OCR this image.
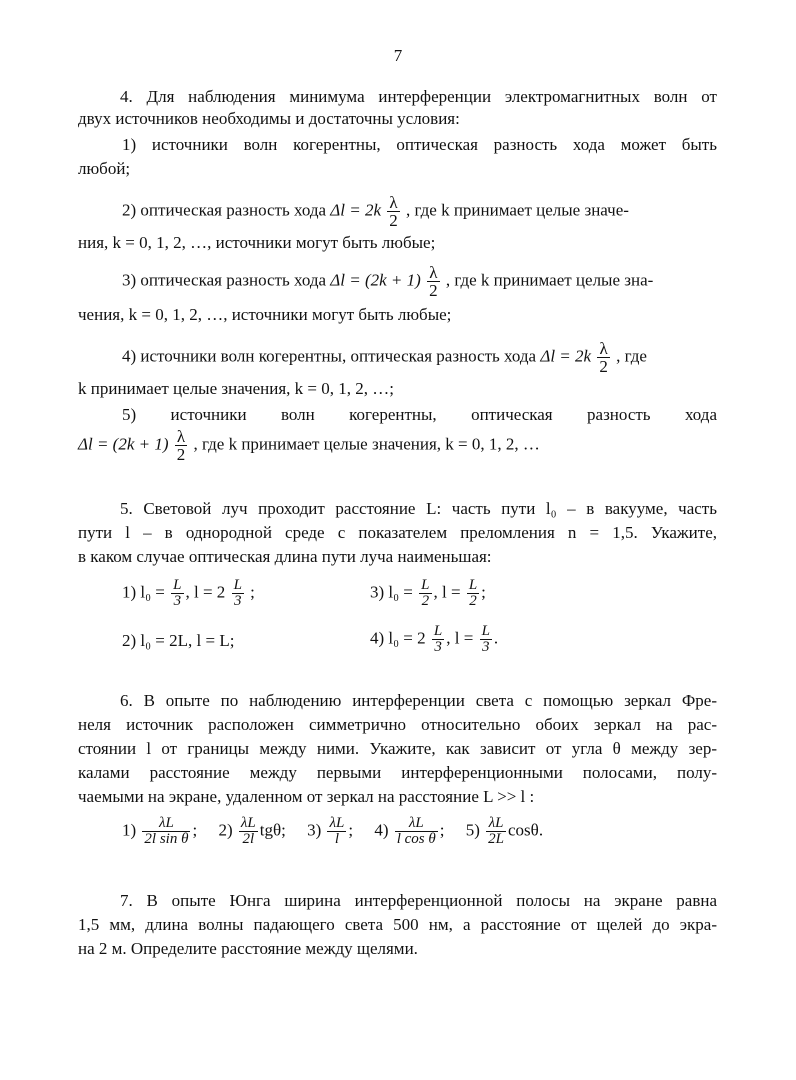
7
4. Для наблюдения минимума интерференции электромагнитных волн от
двух источников необходимы и достаточны условия:
1) источники волн когерентны, оптическая разность хода может быть
любой;
2) оптическая разность хода $\Delta l = 2k \frac{\lambda}{2}$ , где k принимает целые значе-
ния, k = 0, 1, 2, …, источники могут быть любые;
3) оптическая разность хода $\Delta l = (2k + 1) \frac{\lambda}{2}$ , где k принимает целые зна-
чения, k = 0, 1, 2, …, источники могут быть любые;
4) источники волн когерентны, оптическая разность хода $\Delta l = 2k \frac{\lambda}{2}$ , где
k принимает целые значения, k = 0, 1, 2, …;
5) источники волн когерентны, оптическая разность хода
$\Delta l = (2k + 1) \frac{\lambda}{2}$ , где k принимает целые значения, k = 0, 1, 2, …
5. Световой луч проходит расстояние L: часть пути l₀ – в вакууме, часть
пути l – в однородной среде с показателем преломления n = 1,5. Укажите,
в каком случае оптическая длина пути луча наименьшая:
1) $l_0 = \frac{L}{3}$ , $l = 2 \frac{L}{3}$ ;	3) $l_0 = \frac{L}{2}$ , $l = \frac{L}{2}$ ;
2) l₀ = 2L, l = L;	4) $l_0 = 2 \frac{L}{3}$ , $l = \frac{L}{3}$ .
6. В опыте по наблюдению интерференции света с помощью зеркал Фре-
неля источник расположен симметрично относительно обоих зеркал на рас-
стоянии l от границы между ними. Укажите, как зависит от угла θ между зер-
калами расстояние между первыми интерференционными полосами, полу-
чаемыми на экране, удаленном от зеркал на расстояние L >> l :
$1) \frac{\lambda L}{\text{2l sin θ}}$ ; $2) \frac{\lambda L}{2l} tg\theta$; $3) \frac{\lambda L}{l}$ ; $4) \frac{\lambda L}{\text{l cos θ}}$ ; $5) \frac{\lambda L}{2L} \cos\theta$.
7. В опыте Юнга ширина интерференционной полосы на экране равна
1,5 мм, длина волны падающего света 500 нм, а расстояние от щелей до экра-
на 2 м. Определите расстояние между щелями.
